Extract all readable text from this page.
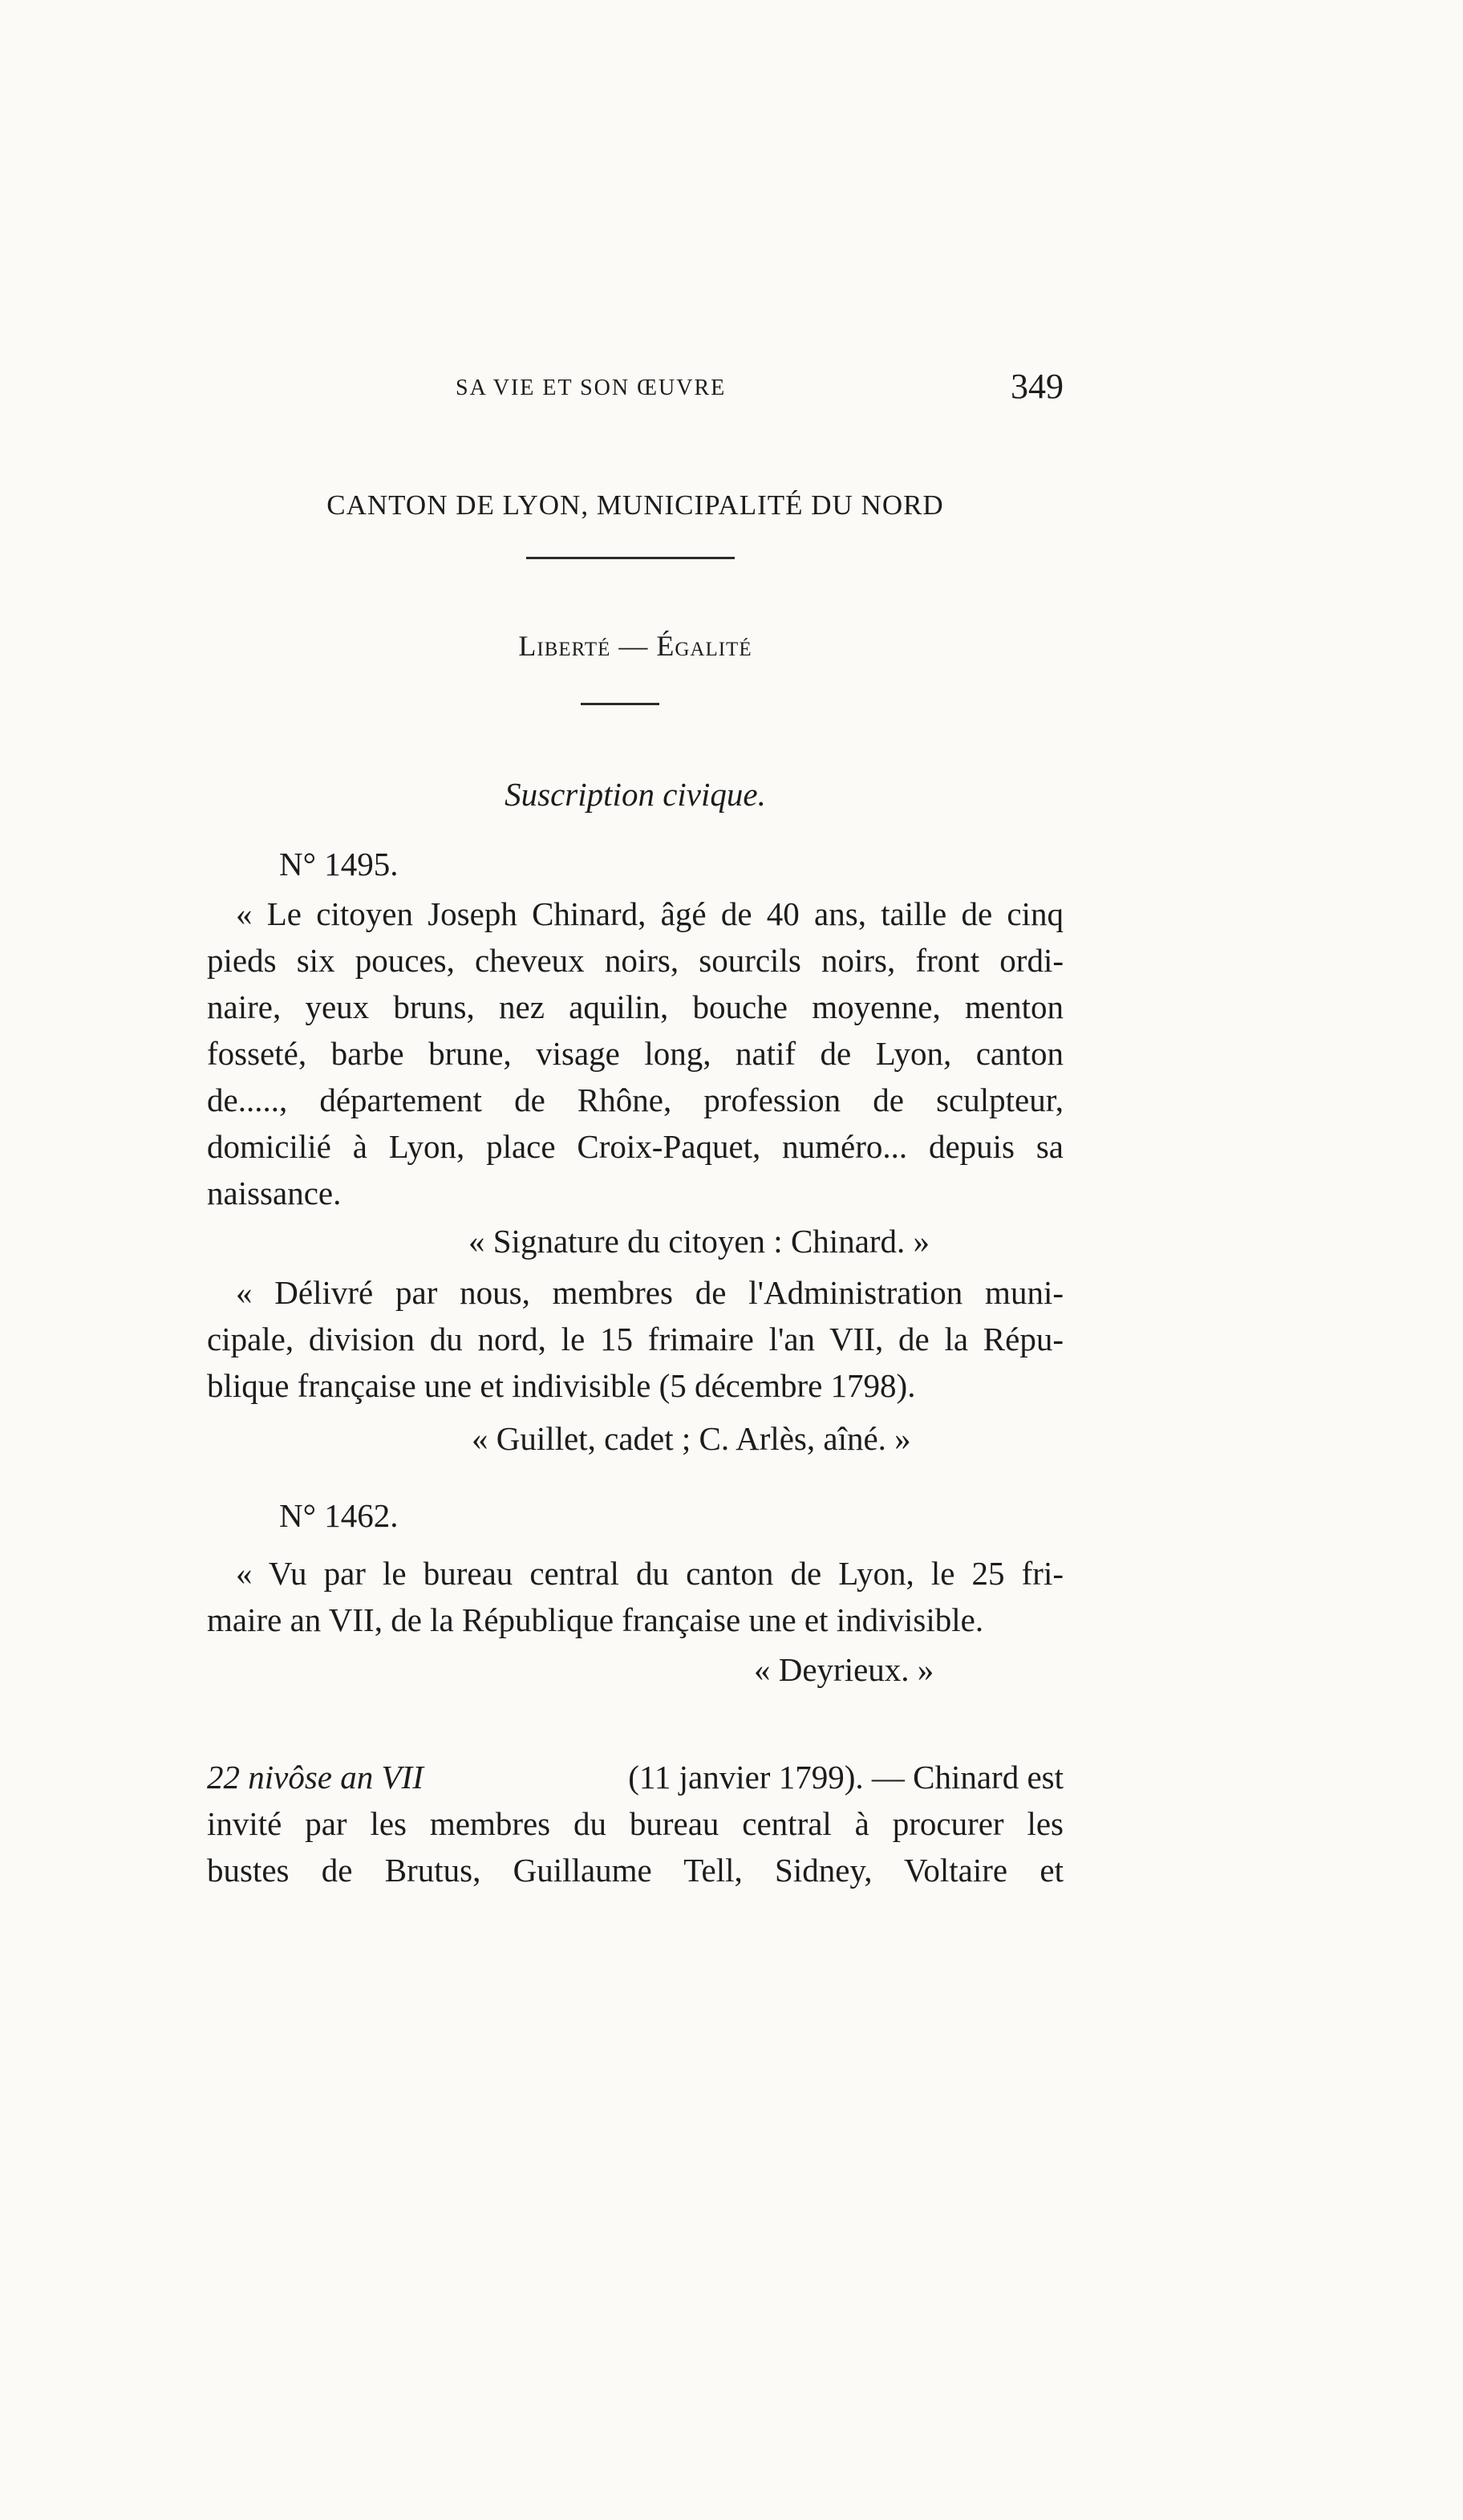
SA VIE ET SON ŒUVRE	349
CANTON DE LYON, MUNICIPALITÉ DU NORD
Liberté — Égalité
Suscription civique.
N° 1495.
« Le citoyen Joseph Chinard, âgé de 40 ans, taille de cinq
pieds six pouces, cheveux noirs, sourcils noirs, front ordi-
naire, yeux bruns, nez aquilin, bouche moyenne, menton
fosseté, barbe brune, visage long, natif de Lyon, canton
de....., département de Rhône, profession de sculpteur,
domicilié à Lyon, place Croix-Paquet, numéro... depuis sa
naissance.
« Signature du citoyen : Chinard. »
« Délivré par nous, membres de l'Administration muni-
cipale, division du nord, le 15 frimaire l'an VII, de la Répu-
blique française une et indivisible (5 décembre 1798).
« Guillet, cadet ; C. Arlès, aîné. »
N° 1462.
« Vu par le bureau central du canton de Lyon, le 25 fri-
maire an VII, de la République française une et indivisible.
« Deyrieux. »
22 nivôse an VII	(11 janvier 1799). — Chinard est
invité par les membres du bureau central à procurer les
bustes de Brutus, Guillaume Tell, Sidney, Voltaire et
